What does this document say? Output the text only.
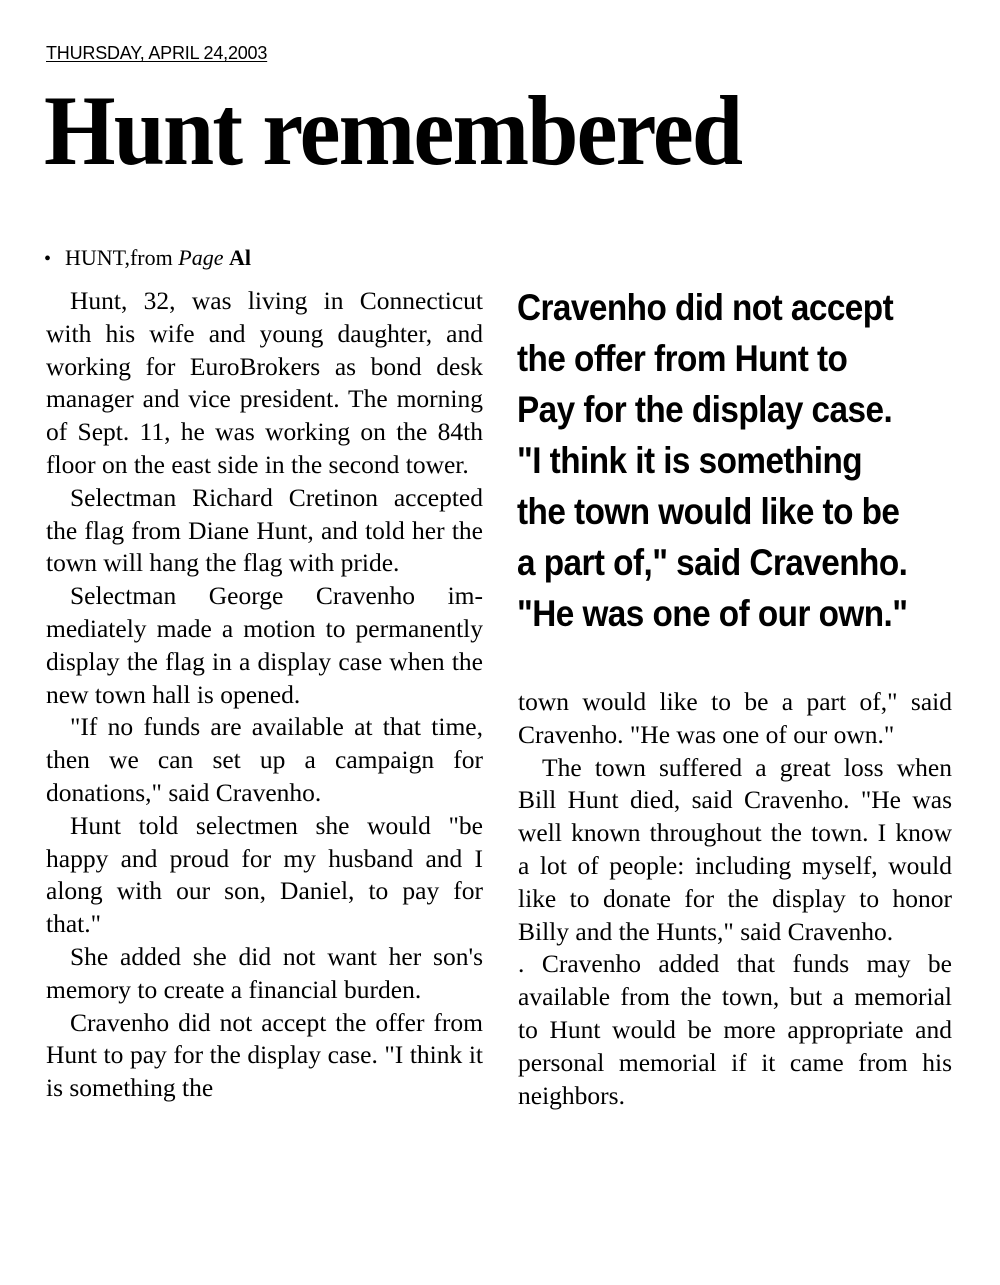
THURSDAY, APRIL 24,2003
Hunt remembered
• HUNT,from Page Al

Hunt, 32, was living in Connecticut with his wife and young daughter, and working for EuroBrokers as bond desk manager and vice president. The morning of Sept. 11, he was working on the 84th floor on the east side in the second tower.

Selectman Richard Cretinon accepted the flag from Diane Hunt, and told her the town will hang the flag with pride.

Selectman George Cravenho immediately made a motion to permanently display the flag in a display case when the new town hall is opened.

"If no funds are available at that time, then we can set up a campaign for donations," said Cravenho.

Hunt told selectmen she would "be happy and proud for my husband and I along with our son, Daniel, to pay for that."

She added she did not want her son's memory to create a financial burden.

Cravenho did not accept the offer from Hunt to pay for the display case. "I think it is something the

Cravenho did not accept
the offer from Hunt to
Pay for the display case.
"I think it is something
the town would like to be
a part of," said Cravenho.
"He was one of our own."

town would like to be a part of," said Cravenho. "He was one of our own."

The town suffered a great loss when Bill Hunt died, said Cravenho. "He was well known throughout the town. I know a lot of people: including myself, would like to donate for the display to honor Billy and the Hunts," said Cravenho.

. Cravenho added that funds may be available from the town, but a memorial to Hunt would be more appropriate and personal memorial if it came from his neighbors.
